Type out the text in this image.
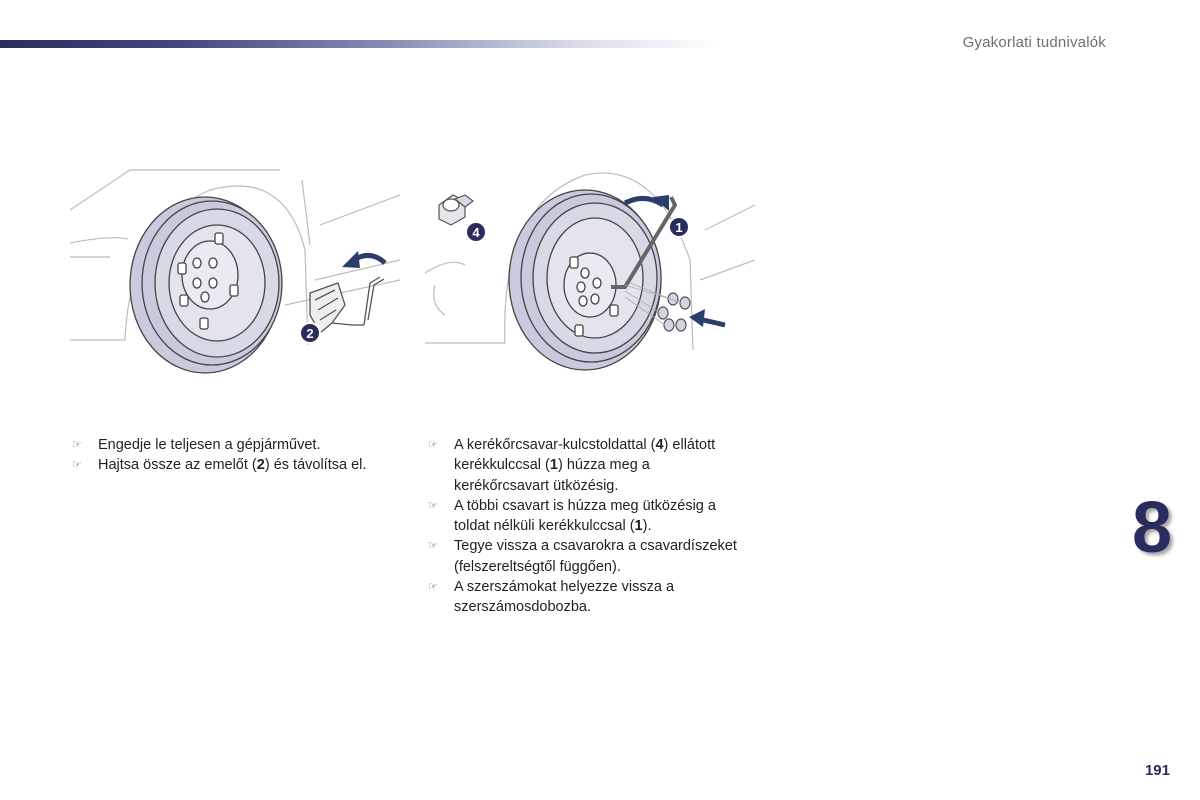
Gyakorlati tudnivalók
2
4	1
☞	Engedje le teljesen a gépjárművet.
☞	Hajtsa össze az emelőt (2) és távolítsa el.
☞	A kerékőrcsavar-kulcstoldattal (4) ellátott kerékkulccsal (1) húzza meg a kerékőrcsavart ütközésig.
☞	A többi csavart is húzza meg ütközésig a toldat nélküli kerékkulccsal (1).
☞	Tegye vissza a csavarokra a csavardíszeket (felszereltségtől függően).
☞	A szerszámokat helyezze vissza a szerszámosdobozba.
8
191
